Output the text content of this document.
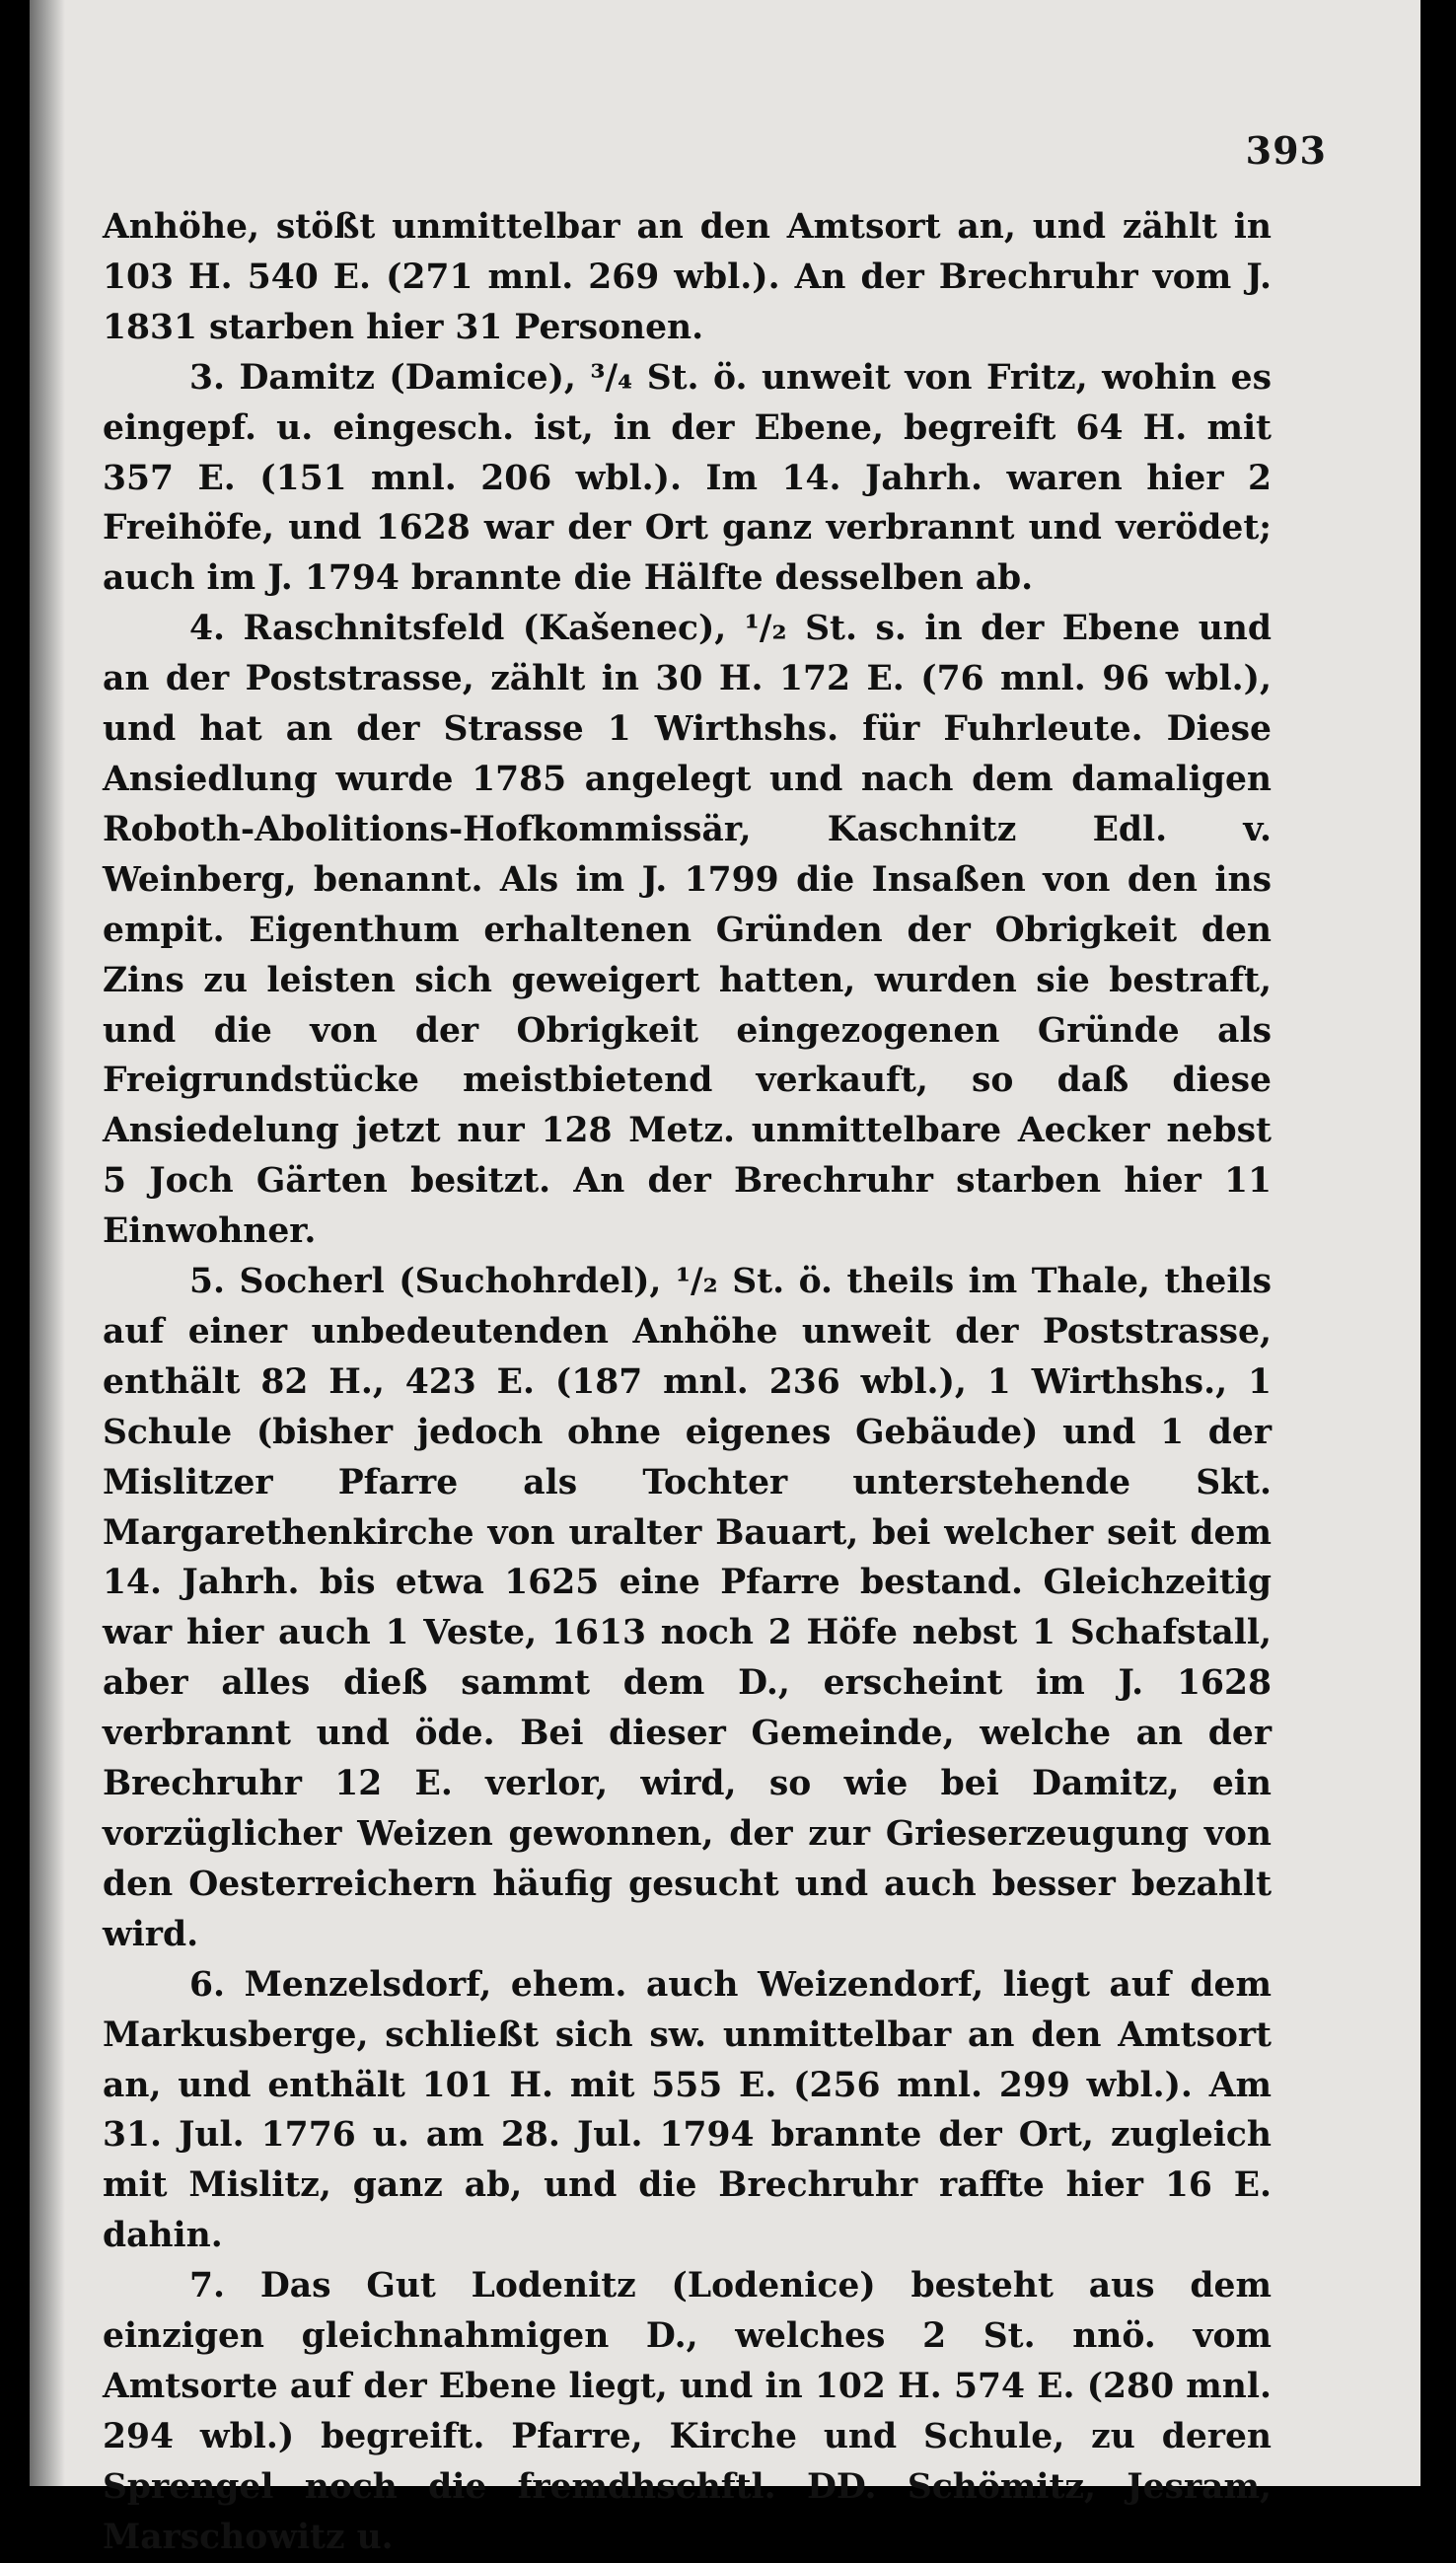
393

Anhöhe, stößt unmittelbar an den Amtsort an, und zählt in 103 H. 540 E. (271 mnl. 269 wbl.). An der Brechruhr vom J. 1831 starben hier 31 Personen.

3. Damitz (Damice), ³/₄ St. ö. unweit von Fritz, wohin es eingepf. u. eingesch. ist, in der Ebene, begreift 64 H. mit 357 E. (151 mnl. 206 wbl.). Im 14. Jahrh. waren hier 2 Freihöfe, und 1628 war der Ort ganz verbrannt und verödet; auch im J. 1794 brannte die Hälfte desselben ab.

4. Raschnitsfeld (Kašenec), ¹/₂ St. s. in der Ebene und an der Poststrasse, zählt in 30 H. 172 E. (76 mnl. 96 wbl.), und hat an der Strasse 1 Wirthshs. für Fuhrleute. Diese Ansiedlung wurde 1785 angelegt und nach dem damaligen Roboth-Abolitions-Hofkommissär, Kaschnitz Edl. v. Weinberg, benannt. Als im J. 1799 die Insaßen von den ins empit. Eigenthum erhaltenen Gründen der Obrigkeit den Zins zu leisten sich geweigert hatten, wurden sie bestraft, und die von der Obrigkeit eingezogenen Gründe als Freigrundstücke meistbietend verkauft, so daß diese Ansiedelung jetzt nur 128 Metz. unmittelbare Aecker nebst 5 Joch Gärten besitzt. An der Brechruhr starben hier 11 Einwohner.

5. Socherl (Suchohrdel), ¹/₂ St. ö. theils im Thale, theils auf einer unbedeutenden Anhöhe unweit der Poststrasse, enthält 82 H., 423 E. (187 mnl. 236 wbl.), 1 Wirthshs., 1 Schule (bisher jedoch ohne eigenes Gebäude) und 1 der Mislitzer Pfarre als Tochter unterstehende Skt. Margarethenkirche von uralter Bauart, bei welcher seit dem 14. Jahrh. bis etwa 1625 eine Pfarre bestand. Gleichzeitig war hier auch 1 Veste, 1613 noch 2 Höfe nebst 1 Schafstall, aber alles dieß sammt dem D., erscheint im J. 1628 verbrannt und öde. Bei dieser Gemeinde, welche an der Brechruhr 12 E. verlor, wird, so wie bei Damitz, ein vorzüglicher Weizen gewonnen, der zur Grieserzeugung von den Oesterreichern häufig gesucht und auch besser bezahlt wird.

6. Menzelsdorf, ehem. auch Weizendorf, liegt auf dem Markusberge, schließt sich sw. unmittelbar an den Amtsort an, und enthält 101 H. mit 555 E. (256 mnl. 299 wbl.). Am 31. Jul. 1776 u. am 28. Jul. 1794 brannte der Ort, zugleich mit Mislitz, ganz ab, und die Brechruhr raffte hier 16 E. dahin.

7. Das Gut Lodenitz (Lodenice) besteht aus dem einzigen gleichnahmigen D., welches 2 St. nnö. vom Amtsorte auf der Ebene liegt, und in 102 H. 574 E. (280 mnl. 294 wbl.) begreift. Pfarre, Kirche und Schule, zu deren Sprengel noch die fremdhschftl. DD. Schömitz, Jesram, Marschowitz u.
